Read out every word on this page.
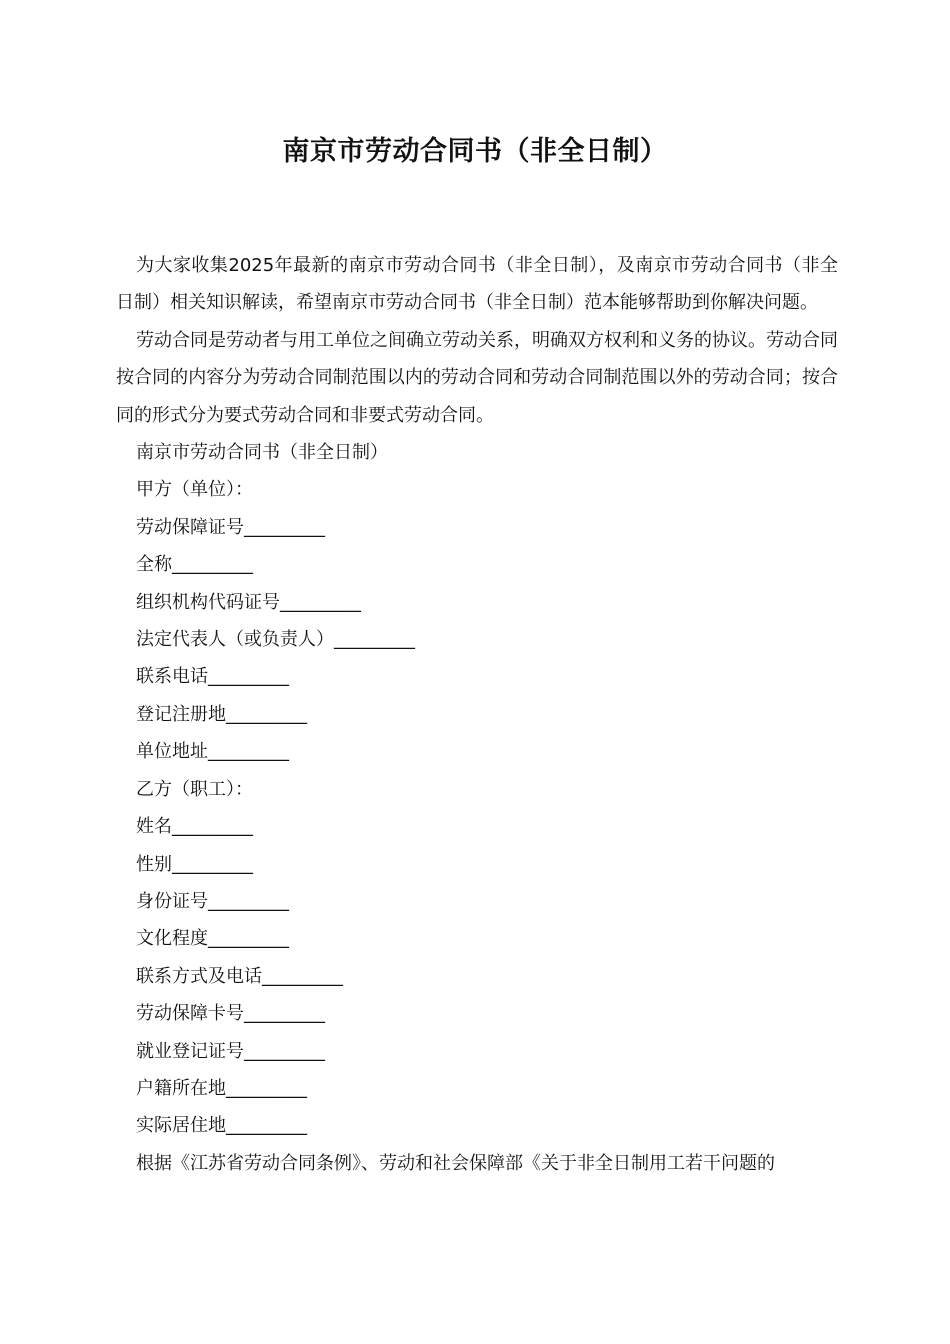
南京市劳动合同书（非全日制）

为大家收集2025年最新的南京市劳动合同书（非全日制），及南京市劳动合同书（非全日制）相关知识解读，希望南京市劳动合同书（非全日制）范本能够帮助到你解决问题。

劳动合同是劳动者与用工单位之间确立劳动关系，明确双方权利和义务的协议。劳动合同按合同的内容分为劳动合同制范围以内的劳动合同和劳动合同制范围以外的劳动合同；按合同的形式分为要式劳动合同和非要式劳动合同。

南京市劳动合同书（非全日制）

甲方（单位）：

劳动保障证号_________

全称_________

组织机构代码证号_________

法定代表人（或负责人）_________

联系电话_________

登记注册地_________

单位地址_________

乙方（职工）：

姓名_________

性别_________

身份证号_________

文化程度_________

联系方式及电话_________

劳动保障卡号_________

就业登记证号_________

户籍所在地_________

实际居住地_________

根据《江苏省劳动合同条例》、劳动和社会保障部《关于非全日制用工若干问题的
